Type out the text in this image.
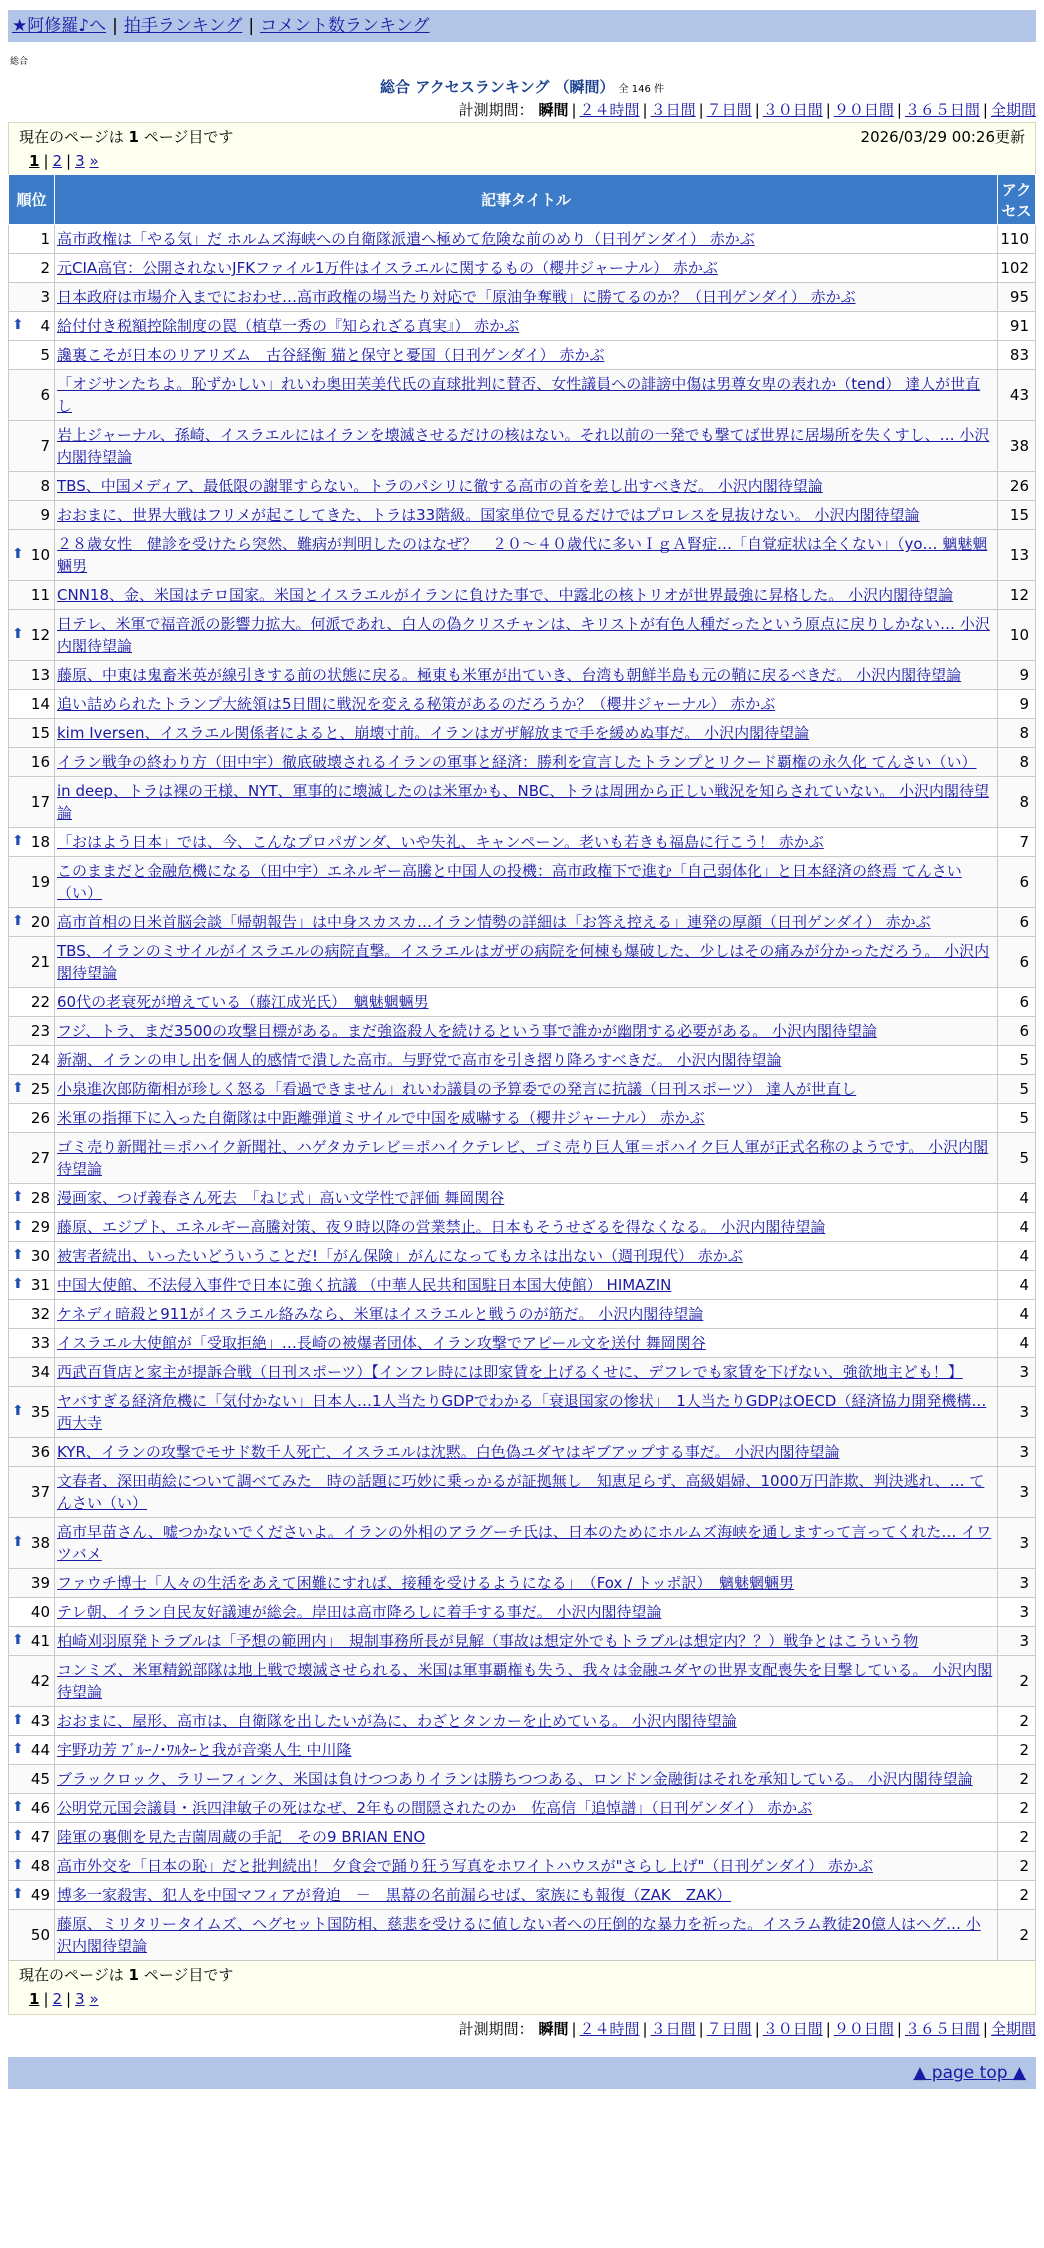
★阿修羅♪へ | 拍手ランキング | コメント数ランキング
総合
総合 アクセスランキング （瞬間） 全 146 件
計測期間： 瞬間 | ２４時間 | ３日間 | ７日間 | ３０日間 | ９０日間 | ３６５日間 | 全期間
現在のページは 1 ページ目です	2026/03/29 00:26更新
1 | 2 | 3 »
順位	記事タイトル	アクセス
1	高市政権は「やる気」だ ホルムズ海峡への自衛隊派遣へ極めて危険な前のめり（日刊ゲンダイ） 赤かぶ	110
2	元CIA高官：公開されないJFKファイル1万件はイスラエルに関するもの（櫻井ジャーナル） 赤かぶ	102
3	日本政府は市場介入までにおわせ…高市政権の場当たり対応で「原油争奪戦」に勝てるのか？（日刊ゲンダイ） 赤かぶ	95

⬆ 4	給付付き税額控除制度の罠（植草一秀の『知られざる真実』） 赤かぶ	91
5	讒裏こそが日本のリアリズム　古谷経衡 猫と保守と憂国（日刊ゲンダイ） 赤かぶ	83
6	「オジサンたちよ。恥ずかしい」れいわ奥田芙美代氏の直球批判に賛否、女性議員への誹謗中傷は男尊女卑の表れか（tend） 達人が世直し	43
7	岩上ジャーナル、孫崎、イスラエルにはイランを壊滅させるだけの核はない。それ以前の一発でも撃てば世界に居場所を失くすし、… 小沢内閣待望論	38
8	TBS、中国メディア、最低限の謝罪すらない。トラのパシリに徹する高市の首を差し出すべきだ。 小沢内閣待望論	26
9	おおまに、世界大戦はフリメが起こしてきた、トラは33階級。国家単位で見るだけではプロレスを見抜けない。 小沢内閣待望論	15

⬆ 10	２８歳女性　健診を受けたら突然、難病が判明したのはなぜ？　２０～４０歳代に多いＩｇＡ腎症…「自覚症状は全くない」（yo… 魑魅魍魎男	13
11	CNN18、金、米国はテロ国家。米国とイスラエルがイランに負けた事で、中露北の核トリオが世界最強に昇格した。 小沢内閣待望論	12

⬆ 12	日テレ、米軍で福音派の影響力拡大。何派であれ、白人の偽クリスチャンは、キリストが有色人種だったという原点に戻りしかない… 小沢内閣待望論	10
13	藤原、中東は鬼畜米英が線引きする前の状態に戻る。極東も米軍が出ていき、台湾も朝鮮半島も元の鞘に戻るべきだ。 小沢内閣待望論	9
14	追い詰められたトランプ大統領は5日間に戦況を変える秘策があるのだろうか？（櫻井ジャーナル） 赤かぶ	9
15	kim Iversen、イスラエル関係者によると、崩壊寸前。イランはガザ解放まで手を緩めぬ事だ。 小沢内閣待望論	8
16	イラン戦争の終わり方（田中宇）徹底破壊されるイランの軍事と経済：勝利を宣言したトランプとリクード覇権の永久化 てんさい（い）	8
17	in deep、トラは裸の王様、NYT、軍事的に壊滅したのは米軍かも、NBC、トラは周囲から正しい戦況を知らされていない。 小沢内閣待望論	8

⬆ 18	「おはよう日本」では、今、こんなプロパガンダ、いや失礼、キャンペーン。老いも若きも福島に行こう！ 赤かぶ	7
19	このままだと金融危機になる（田中宇）エネルギー高騰と中国人の投機：高市政権下で進む「自己弱体化」と日本経済の終焉 てんさい（い）	6

⬆ 20	高市首相の日米首脳会談「帰朝報告」は中身スカスカ…イラン情勢の詳細は「お答え控える」連発の厚顔（日刊ゲンダイ） 赤かぶ	6
21	TBS、イランのミサイルがイスラエルの病院直撃。イスラエルはガザの病院を何棟も爆破した、少しはその痛みが分かっただろう。 小沢内閣待望論	6
22	60代の老衰死が増えている（藤江成光氏）　魑魅魍魎男	6
23	フジ、トラ、まだ3500の攻撃目標がある。まだ強盗殺人を続けるという事で誰かが幽閉する必要がある。 小沢内閣待望論	6
24	新潮、イランの申し出を個人的感情で潰した高市。与野党で高市を引き摺り降ろすべきだ。 小沢内閣待望論	5

⬆ 25	小泉進次郎防衛相が珍しく怒る「看過できません」れいわ議員の予算委での発言に抗議（日刊スポーツ） 達人が世直し	5
26	米軍の指揮下に入った自衛隊は中距離弾道ミサイルで中国を威嚇する（櫻井ジャーナル） 赤かぶ	5
27	ゴミ売り新聞社＝ポハイク新聞社、ハゲタカテレビ＝ポハイクテレビ、ゴミ売り巨人軍＝ポハイク巨人軍が正式名称のようです。 小沢内閣待望論	5

⬆ 28	漫画家、つげ義春さん死去　「ねじ式」高い文学性で評価 舞岡関谷	4

⬆ 29	藤原、エジプト、エネルギー高騰対策、夜９時以降の営業禁止。日本もそうせざるを得なくなる。 小沢内閣待望論	4

⬆ 30	被害者続出、いったいどういうことだ!「がん保険」がんになってもカネは出ない（週刊現代） 赤かぶ	4

⬆ 31	中国大使館、不法侵入事件で日本に強く抗議 （中華人民共和国駐日本国大使館） HIMAZIN	4
32	ケネディ暗殺と911がイスラエル絡みなら、米軍はイスラエルと戦うのが筋だ。 小沢内閣待望論	4
33	イスラエル大使館が「受取拒絶」…長崎の被爆者団体、イラン攻撃でアピール文を送付 舞岡関谷	4
34	西武百貨店と家主が提訴合戦（日刊スポーツ）【インフレ時には即家賃を上げるくせに、デフレでも家賃を下げない、強欲地主ども！】	3

⬆ 35	ヤバすぎる経済危機に「気付かない」日本人…1人当たりGDPでわかる「衰退国家の惨状」　1人当たりGDPはOECD（経済協力開発機構… 西大寺	3
36	KYR、イランの攻撃でモサド数千人死亡、イスラエルは沈黙。白色偽ユダヤはギブアップする事だ。 小沢内閣待望論	3
37	文春者、深田萌絵について調べてみた　時の話題に巧妙に乗っかるが証拠無し　知恵足らず、高級娼婦、1000万円詐欺、判決逃れ、… てんさい（い）	3

⬆ 38	高市早苗さん、嘘つかないでくださいよ。イランの外相のアラグーチ氏は、日本のためにホルムズ海峡を通しますって言ってくれた… イワツバメ	3
39	ファウチ博士「人々の生活をあえて困難にすれば、接種を受けるようになる」　（Fox / トッポ訳）　魑魅魍魎男	3
40	テレ朝、イラン自民友好議連が総会。岸田は高市降ろしに着手する事だ。 小沢内閣待望論	3

⬆ 41	柏崎刈羽原発トラブルは「予想の範囲内」　規制事務所長が見解（事故は想定外でもトラブルは想定内？？）戦争とはこういう物	3
42	コンミズ、米軍精鋭部隊は地上戦で壊滅させられる、米国は軍事覇権も失う、我々は金融ユダヤの世界支配喪失を目撃している。 小沢内閣待望論	2

⬆ 43	おおまに、屋形、高市は、自衛隊を出したいが為に、わざとタンカーを止めている。 小沢内閣待望論	2

⬆ 44	宇野功芳 ﾌﾞﾙｰﾉ･ﾜﾙﾀｰと我が音楽人生 中川隆	2
45	ブラックロック、ラリーフィンク、米国は負けつつありイランは勝ちつつある、ロンドン金融街はそれを承知している。 小沢内閣待望論	2

⬆ 46	公明党元国会議員・浜四津敏子の死はなぜ、2年もの間隠されたのか　佐高信「追悼譜」（日刊ゲンダイ） 赤かぶ	2

⬆ 47	陸軍の裏側を見た吉薗周蔵の手記　その9 BRIAN ENO	2

⬆ 48	高市外交を「日本の恥」だと批判続出！ 夕食会で踊り狂う写真をホワイトハウスが"さらし上げ"（日刊ゲンダイ） 赤かぶ	2

⬆ 49	博多一家殺害、犯人を中国マフィアが脅迫　－　黒幕の名前漏らせば、家族にも報復（ZAK　ZAK）	2
50	藤原、ミリタリータイムズ、ヘグセット国防相、慈悲を受けるに値しない者への圧倒的な暴力を祈った。イスラム教徒20億人はヘグ… 小沢内閣待望論	2
現在のページは 1 ページ目です
1 | 2 | 3 »
計測期間： 瞬間 | ２４時間 | ３日間 | ７日間 | ３０日間 | ９０日間 | ３６５日間 | 全期間
▲ page top ▲
